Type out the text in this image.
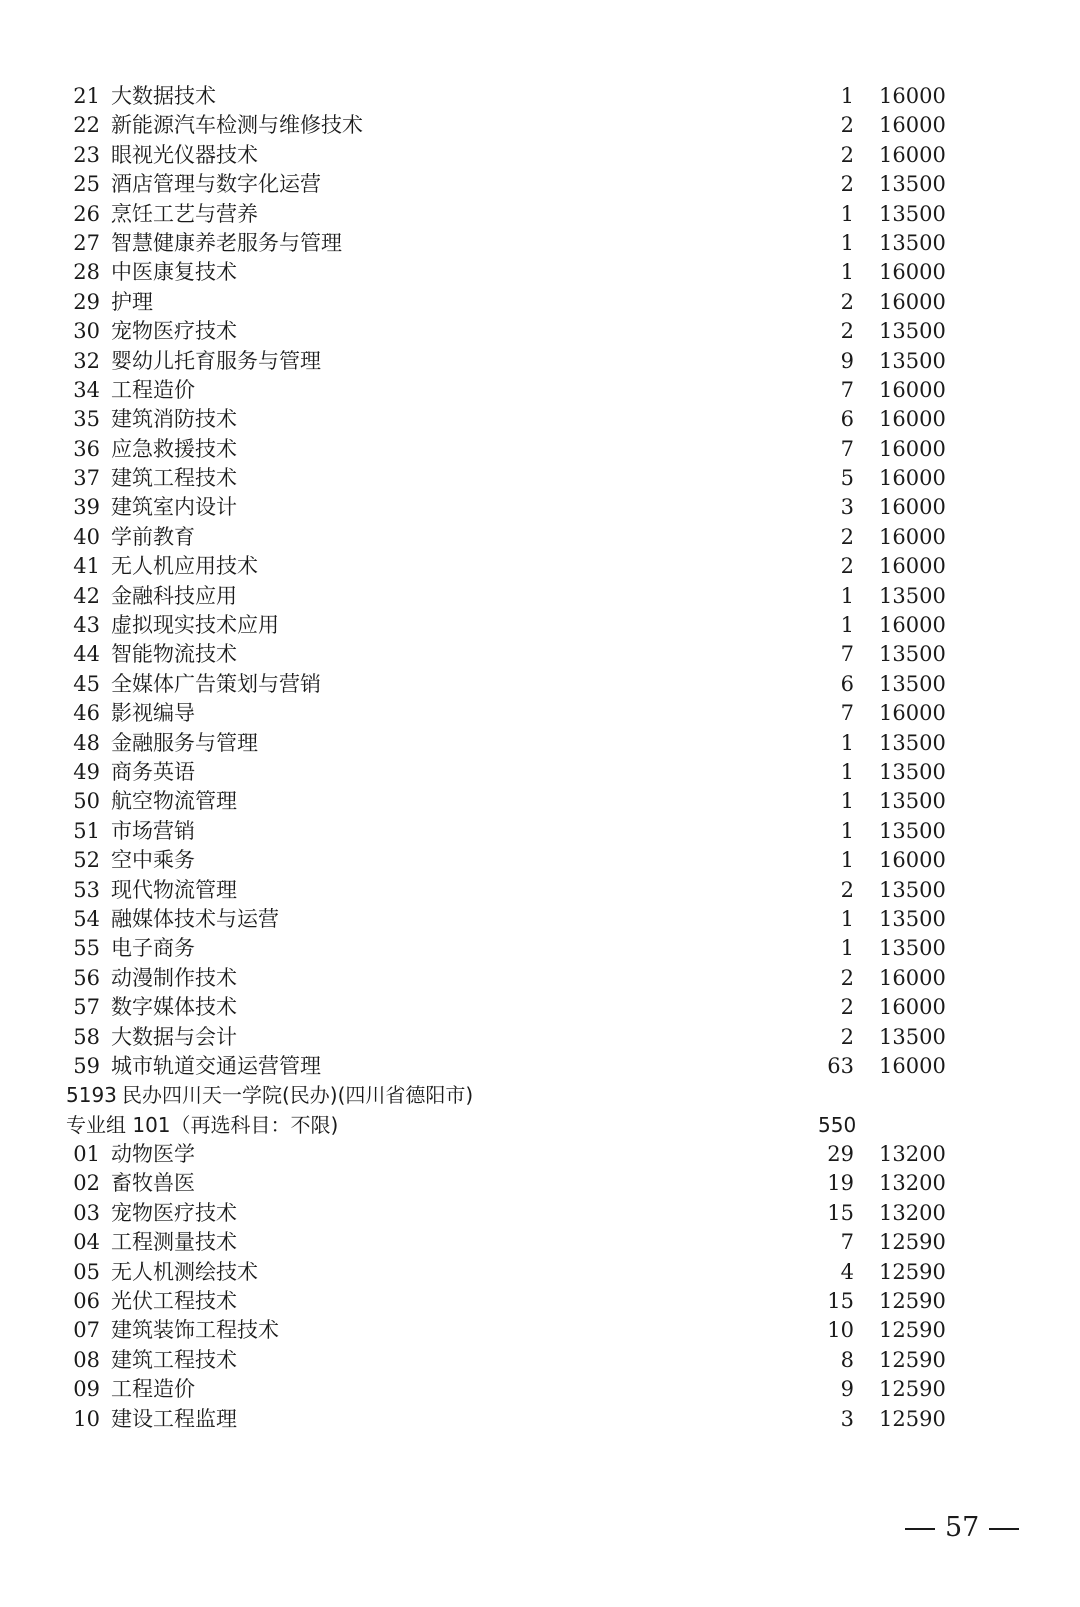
21 大数据技术	1 16000
22 新能源汽车检测与维修技术	2 16000
23 眼视光仪器技术	2 16000
25 酒店管理与数字化运营	2 13500
26 烹饪工艺与营养	1 13500
27 智慧健康养老服务与管理	1 13500
28 中医康复技术	1 16000
29 护理	2 16000
30 宠物医疗技术	2 13500
32 婴幼儿托育服务与管理	9 13500
34 工程造价	7 16000
35 建筑消防技术	6 16000
36 应急救援技术	7 16000
37 建筑工程技术	5 16000
39 建筑室内设计	3 16000
40 学前教育	2 16000
41 无人机应用技术	2 16000
42 金融科技应用	1 13500
43 虚拟现实技术应用	1 16000
44 智能物流技术	7 13500
45 全媒体广告策划与营销	6 13500
46 影视编导	7 16000
48 金融服务与管理	1 13500
49 商务英语	1 13500
50 航空物流管理	1 13500
51 市场营销	1 13500
52 空中乘务	1 16000
53 现代物流管理	2 13500
54 融媒体技术与运营	1 13500
55 电子商务	1 13500
56 动漫制作技术	2 16000
57 数字媒体技术	2 16000
58 大数据与会计	2 13500
59 城市轨道交通运营管理	63 16000
5193 民办四川天一学院(民办)(四川省德阳市)
专业组 101（再选科目：不限)	550
01 动物医学	29 13200
02 畜牧兽医	19 13200
03 宠物医疗技术	15 13200
04 工程测量技术	7 12590
05 无人机测绘技术	4 12590
06 光伏工程技术	15 12590
07 建筑装饰工程技术	10 12590
08 建筑工程技术	8 12590
09 工程造价	9 12590
10 建设工程监理	3 12590
57
